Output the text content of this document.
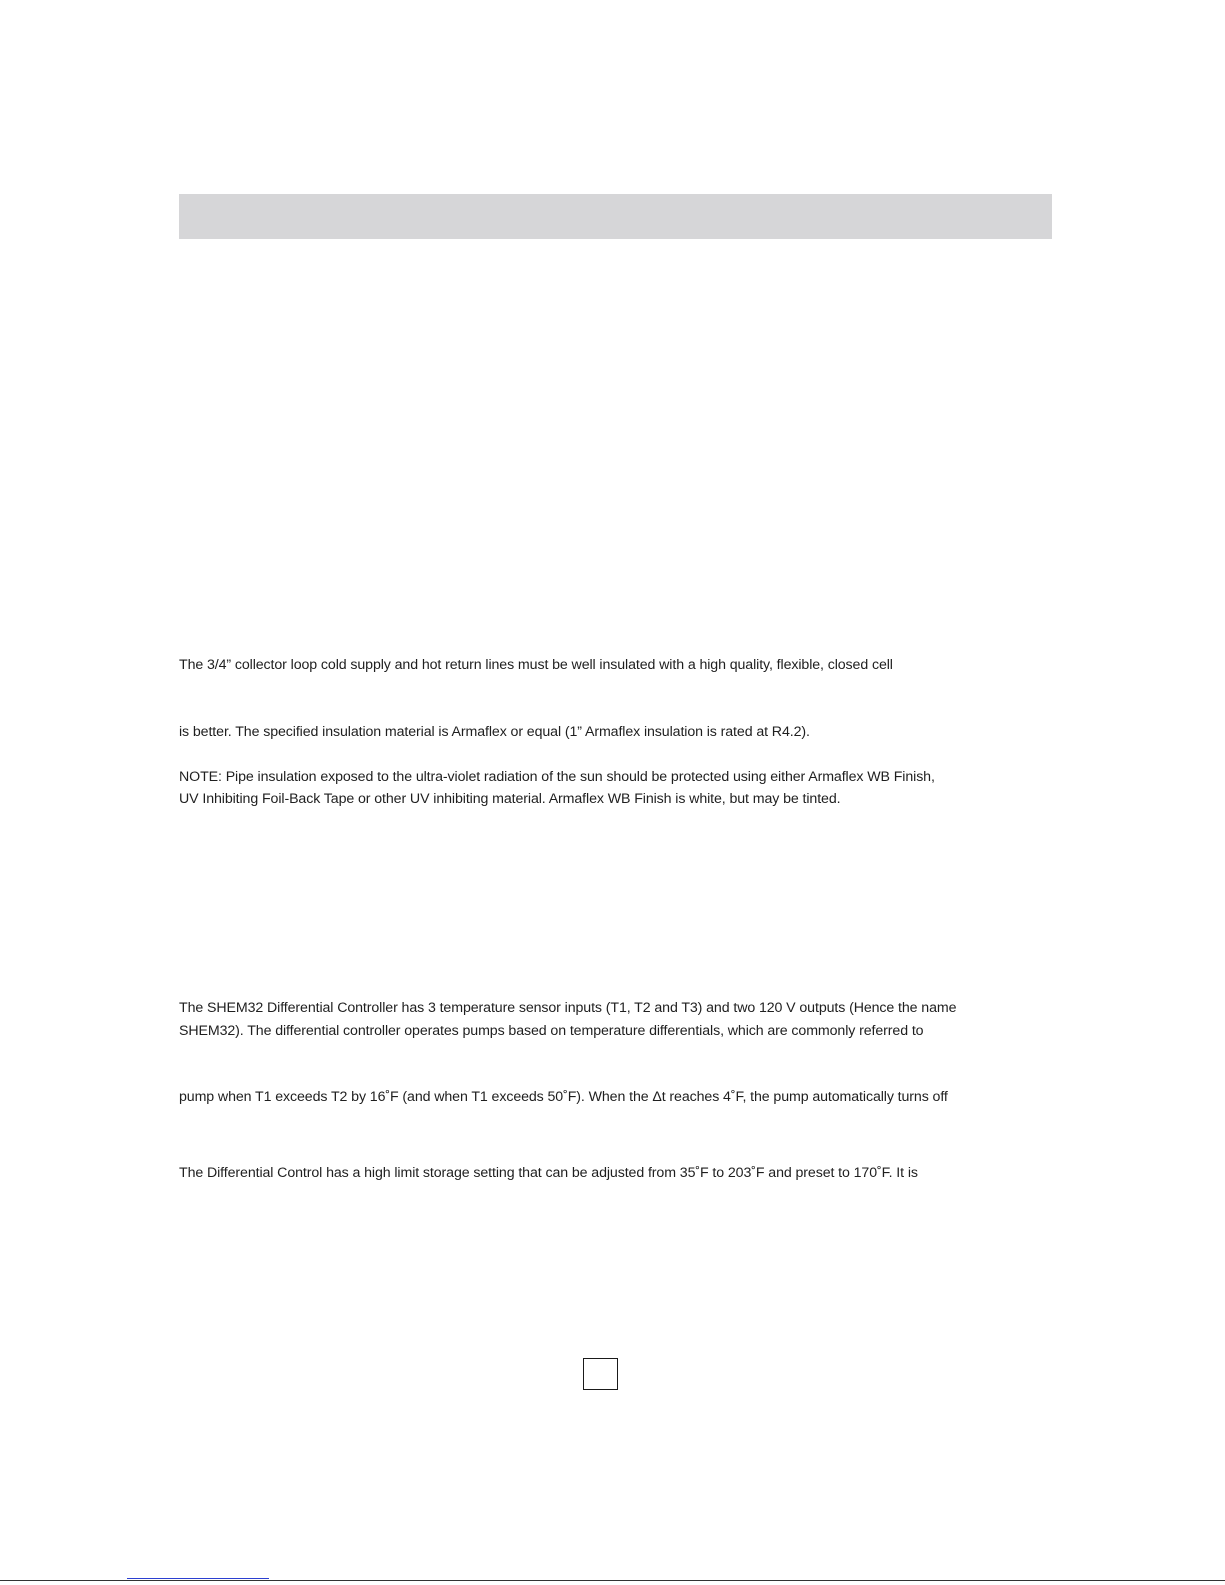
The 3/4” collector loop cold supply and hot return lines must be well insulated with a high quality, flexible, closed cell
is better. The specified insulation material is Armaflex or equal (1” Armaflex insulation is rated at R4.2).
NOTE: Pipe insulation exposed to the ultra-violet radiation of the sun should be protected using either Armaflex WB Finish,
UV Inhibiting Foil-Back Tape or other UV inhibiting material. Armaflex WB Finish is white, but may be tinted.
The SHEM32 Differential Controller has 3 temperature sensor inputs (T1, T2 and T3) and two 120 V outputs (Hence the name
SHEM32). The differential controller operates pumps based on temperature differentials, which are commonly referred to
pump when T1 exceeds T2 by 16˚F (and when T1 exceeds 50˚F). When the Δt reaches 4˚F, the pump automatically turns off
The Differential Control has a high limit storage setting that can be adjusted from 35˚F to 203˚F and preset to 170˚F. It is
